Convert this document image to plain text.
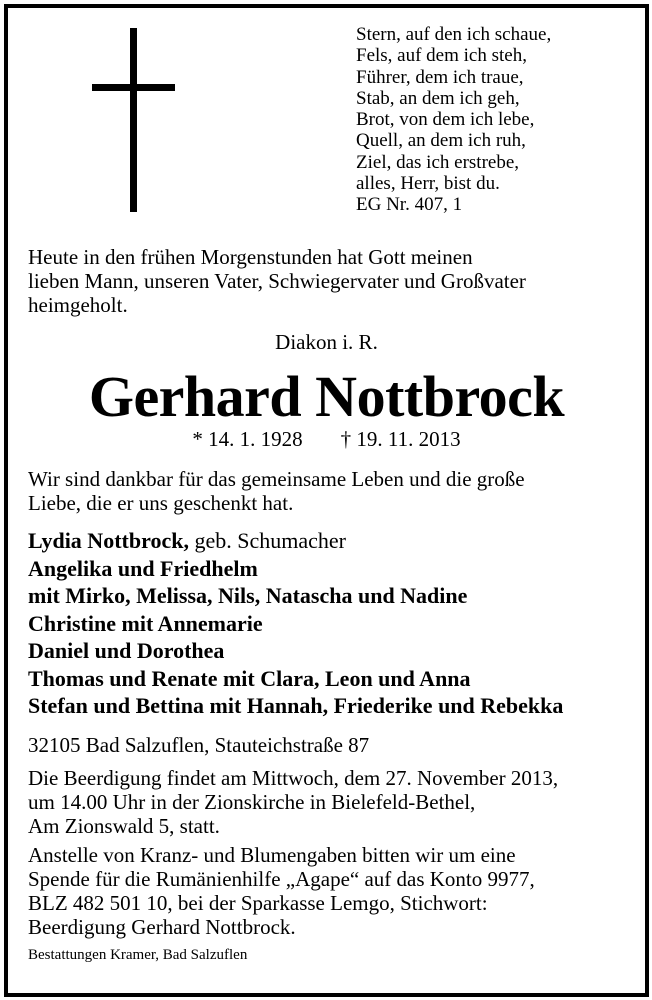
Stern, auf den ich schaue,
Fels, auf dem ich steh,
Führer, dem ich traue,
Stab, an dem ich geh,
Brot, von dem ich lebe,
Quell, an dem ich ruh,
Ziel, das ich erstrebe,
alles, Herr, bist du.
EG Nr. 407, 1
Heute in den frühen Morgenstunden hat Gott meinen
lieben Mann, unseren Vater, Schwiegervater und Großvater
heimgeholt.
Diakon i. R.
Gerhard Nottbrock
* 14. 1. 1928 † 19. 11. 2013
Wir sind dankbar für das gemeinsame Leben und die große
Liebe, die er uns geschenkt hat.
Lydia Nottbrock, geb. Schumacher
Angelika und Friedhelm
mit Mirko, Melissa, Nils, Natascha und Nadine
Christine mit Annemarie
Daniel und Dorothea
Thomas und Renate mit Clara, Leon und Anna
Stefan und Bettina mit Hannah, Friederike und Rebekka
32105 Bad Salzuflen, Stauteichstraße 87
Die Beerdigung findet am Mittwoch, dem 27. November 2013,
um 14.00 Uhr in der Zionskirche in Bielefeld-Bethel,
Am Zionswald 5, statt.
Anstelle von Kranz- und Blumengaben bitten wir um eine
Spende für die Rumänienhilfe „Agape“ auf das Konto 9977,
BLZ 482 501 10, bei der Sparkasse Lemgo, Stichwort:
Beerdigung Gerhard Nottbrock.
Bestattungen Kramer, Bad Salzuflen
